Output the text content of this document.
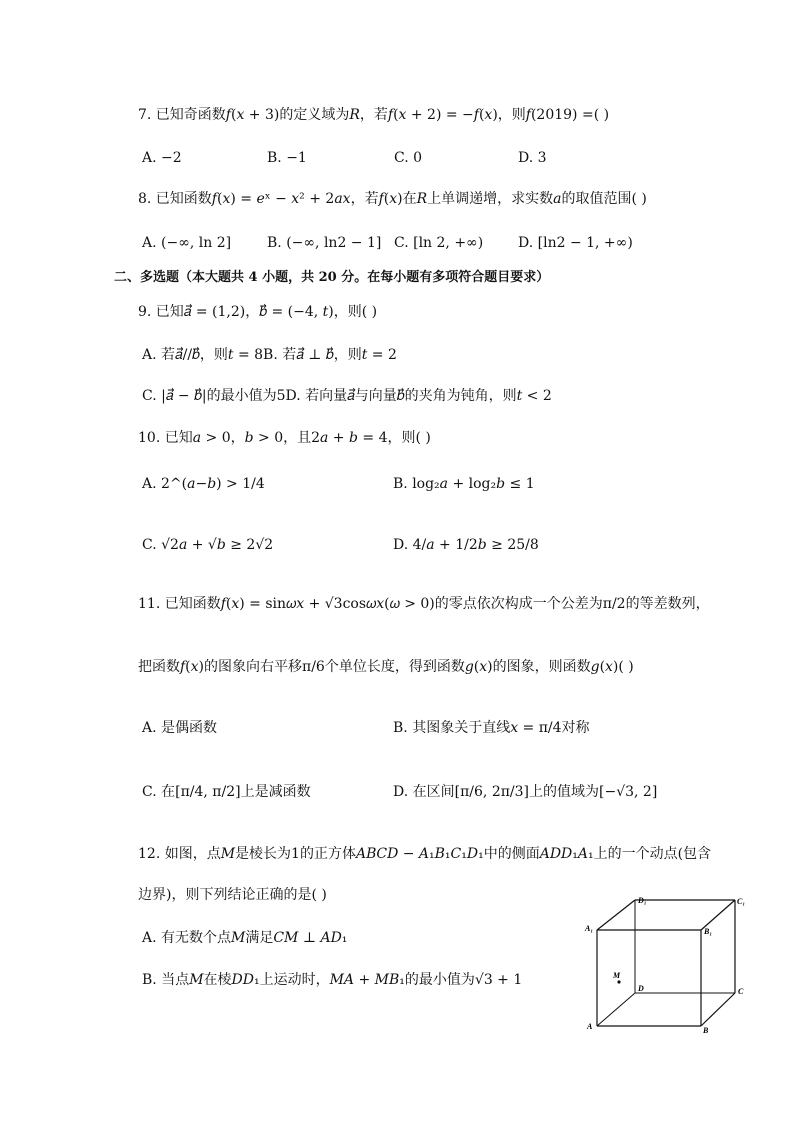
7. 已知奇函数𝑓(𝑥 + 3)的定义域为𝑅，若𝑓(𝑥 + 2) = −𝑓(𝑥)，则𝑓(2019) =( )
A. −2	B. −1	C. 0	D. 3
8. 已知函数𝑓(𝑥) = 𝑒ˣ − 𝑥² + 2𝑎𝑥，若𝑓(𝑥)在𝑅上单调递增，求实数𝑎的取值范围( )
A. (−∞, ln 2]	B. (−∞, ln2 − 1] C. [ln 2, +∞) D. [ln2 − 1, +∞)
二、多选题（本大题共 4 小题，共 20 分。在每小题有多项符合题目要求）
9. 已知𝑎⃗ = (1,2)，𝑏⃗ = (−4, 𝑡)，则( )
A. 若𝑎⃗//𝑏⃗，则𝑡 = 8B. 若𝑎⃗ ⊥ 𝑏⃗，则𝑡 = 2
C. |𝑎⃗ − 𝑏⃗|的最小值为5D. 若向量𝑎⃗与向量𝑏⃗的夹角为钝角，则𝑡 < 2
10. 已知𝑎 > 0，𝑏 > 0，且2𝑎 + 𝑏 = 4，则( )
A. 2^(𝑎−𝑏) > 1/4	B. log₂𝑎 + log₂𝑏 ≤ 1
C. √2𝑎 + √𝑏 ≥ 2√2	D. 4/𝑎 + 1/2𝑏 ≥ 25/8
11. 已知函数𝑓(𝑥) = sin𝜔𝑥 + √3cos𝜔𝑥(𝜔 > 0)的零点依次构成一个公差为π/2的等差数列，
把函数𝑓(𝑥)的图象向右平移π/6个单位长度，得到函数𝑔(𝑥)的图象，则函数𝑔(𝑥)( )
A. 是偶函数	B. 其图象关于直线𝑥 = π/4对称
C. 在[π/4, π/2]上是减函数	D. 在区间[π/6, 2π/3]上的值域为[−√3, 2]
12. 如图，点𝑀是棱长为1的正方体𝐴𝐵𝐶𝐷 − 𝐴₁𝐵₁𝐶₁𝐷₁中的侧面𝐴𝐷𝐷₁𝐴₁上的一个动点(包含
边界)，则下列结论正确的是( )
A. 有无数个点𝑀满足𝐶𝑀 ⊥ 𝐴𝐷₁
B. 当点𝑀在棱𝐷𝐷₁上运动时，𝑀𝐴 + 𝑀𝐵₁的最小值为√3 + 1
A	B
C
D
A₁	B₁
C₁
D₁
M
